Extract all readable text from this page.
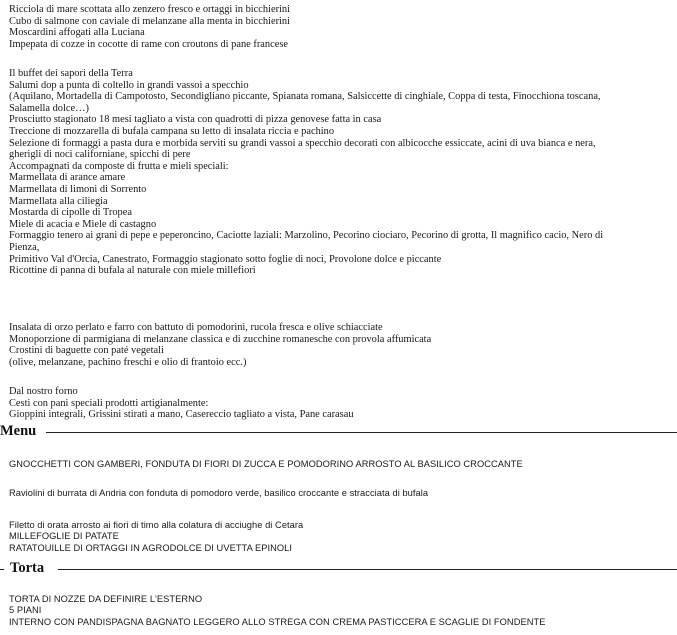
Ricciola di mare scottata allo zenzero fresco e ortaggi in bicchierini
Cubo di salmone con caviale di melanzane alla menta in bicchierini
Moscardini affogati alla Luciana
Impepata di cozze in cocotte di rame con croutons di pane francese
Il buffet dei sapori della Terra
Salumi dop a punta di coltello in grandi vassoi a specchio
(Aquilano, Mortadella di Campotosto, Secondigliano piccante, Spianata romana, Salsiccette di cinghiale, Coppa di testa, Finocchiona toscana,
Salamella dolce…)
Prosciutto stagionato 18 mesi tagliato a vista con quadrotti di pizza genovese fatta in casa
Treccione di mozzarella di bufala campana su letto di insalata riccia e pachino
Selezione di formaggi a pasta dura e morbida serviti su grandi vassoi a specchio decorati con albicocche essiccate, acini di uva bianca e nera,
gherigli di noci californiane, spicchi di pere
Accompagnati da composte di frutta e mieli speciali:
Marmellata di arance amare
Marmellata di limoni di Sorrento
Marmellata alla ciliegia
Mostarda di cipolle di Tropea
Miele di acacia e Miele di castagno
Formaggio tenero ai grani di pepe e peperoncino, Caciotte laziali: Marzolino, Pecorino ciociaro, Pecorino di grotta, Il magnifico cacio, Nero di
Pienza,
Primitivo Val d'Orcia, Canestrato, Formaggio stagionato sotto foglie di noci, Provolone dolce e piccante
Ricottine di panna di bufala al naturale con miele millefiori
Insalata di orzo perlato e farro con battuto di pomodorini, rucola fresca e olive schiacciate
Monoporzione di parmigiana di melanzane classica e di zucchine romanesche con provola affumicata
Crostini di baguette con paté vegetali
(olive, melanzane, pachino freschi e olio di frantoio ecc.)
Dal nostro forno
Cesti con pani speciali prodotti artigianalmente:
Gioppini integrali, Grissini stirati a mano, Casereccio tagliato a vista, Pane carasau
Menu
GNOCCHETTI CON GAMBERI, FONDUTA DI FIORI DI ZUCCA E POMODORINO ARROSTO AL BASILICO CROCCANTE
Raviolini di burrata di Andria con fonduta di pomodoro verde, basilico croccante e stracciata di bufala
Filetto di orata arrosto ai fiori di timo alla colatura di acciughe di Cetara
MILLEFOGLIE DI PATATE
RATATOUILLE DI ORTAGGI IN AGRODOLCE DI UVETTA EPINOLI
Torta
TORTA DI NOZZE DA DEFINIRE L'ESTERNO
5 PIANI
INTERNO CON PANDISPAGNA BAGNATO LEGGERO ALLO STREGA CON CREMA PASTICCERA E SCAGLIE DI FONDENTE
